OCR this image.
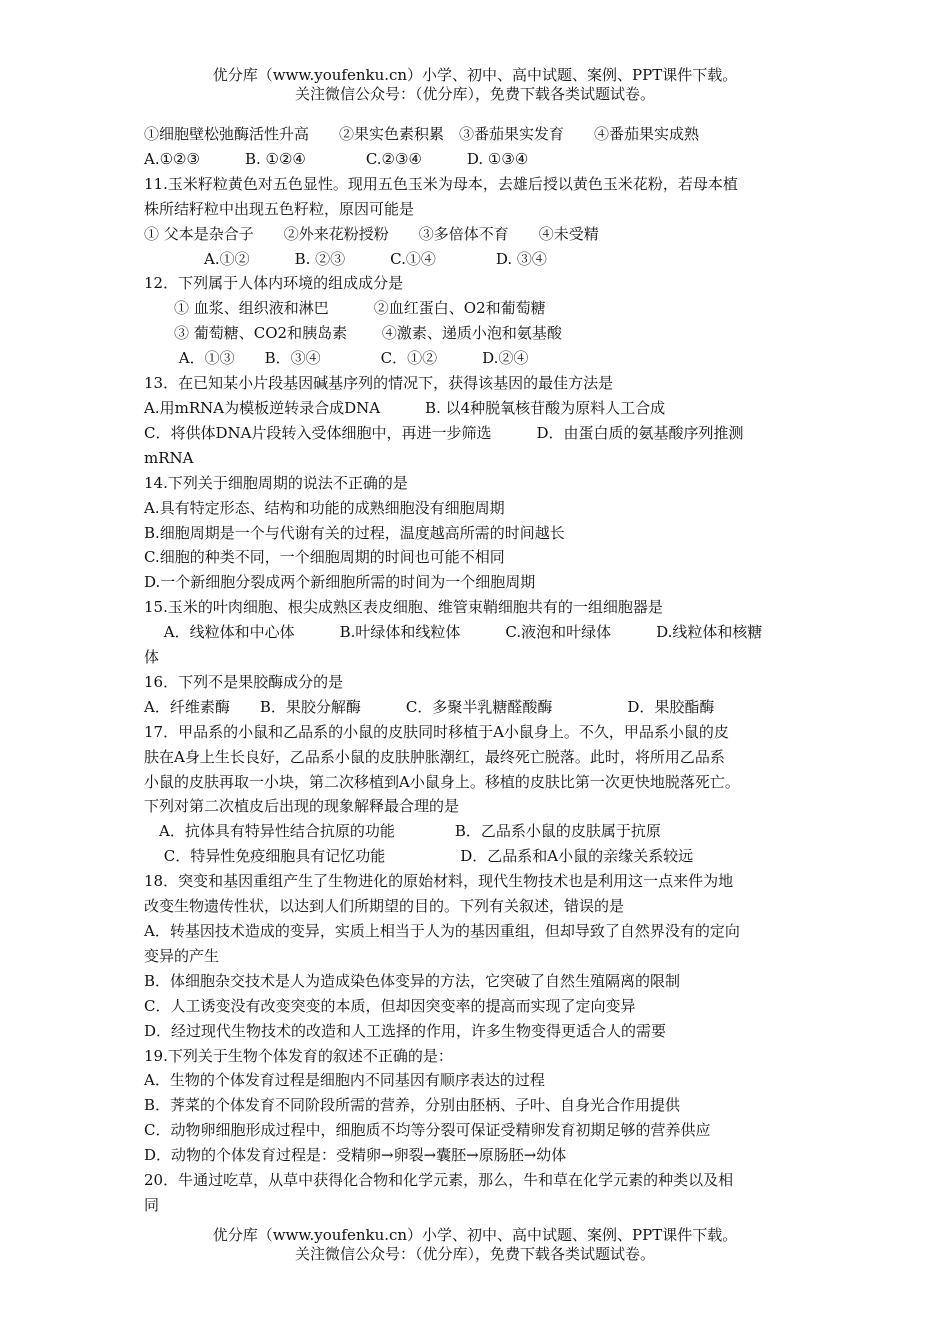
优分库（www.youfenku.cn）小学、初中、高中试题、案例、PPT课件下载。
关注微信公众号：（优分库），免费下载各类试题试卷。
①细胞壁松弛酶活性升高　　②果实色素积累　③番茄果实发育　　④番茄果实成熟
A.①②③　　　B. ①②④　　　　C.②③④　　　D. ①③④
11.玉米籽粒黄色对五色显性。现用五色玉米为母本，去雄后授以黄色玉米花粉，若母本植
株所结籽粒中出现五色籽粒，原因可能是
① 父本是杂合子　　②外来花粉授粉　　③多倍体不育　　④未受精
　　　　A.①②　　　B. ②③　　　C.①④　　　　D. ③④
12．下列属于人体内环境的组成成分是
　　① 血浆、组织液和淋巴　　　②血红蛋白、O2和葡萄糖
　　③ 葡萄糖、CO2和胰岛素　　 ④激素、递质小泡和氨基酸
　　 A．①③　　B．③④　　　　C．①②　　　D.②④
13．在已知某小片段基因碱基序列的情况下，获得该基因的最佳方法是
A.用mRNA为模板逆转录合成DNA　　　B. 以4种脱氧核苷酸为原料人工合成
C．将供体DNA片段转入受体细胞中，再进一步筛选　　　D．由蛋白质的氨基酸序列推测
mRNA
14.下列关于细胞周期的说法不正确的是
A.具有特定形态、结构和功能的成熟细胞没有细胞周期
B.细胞周期是一个与代谢有关的过程，温度越高所需的时间越长
C.细胞的种类不同，一个细胞周期的时间也可能不相同
D.一个新细胞分裂成两个新细胞所需的时间为一个细胞周期
15.玉米的叶肉细胞、根尖成熟区表皮细胞、维管束鞘细胞共有的一组细胞器是
　 A．线粒体和中心体　　　B.叶绿体和线粒体　　　C.液泡和叶绿体　　　D.线粒体和核糖
体
16．下列不是果胶酶成分的是
A．纤维素酶　　B．果胶分解酶　　　C．多聚半乳糖醛酸酶　　　　　D．果胶酯酶
17．甲品系的小鼠和乙品系的小鼠的皮肤同时移植于A小鼠身上。不久，甲品系小鼠的皮
肤在A身上生长良好，乙品系小鼠的皮肤肿胀潮红，最终死亡脱落。此时，将所用乙品系
小鼠的皮肤再取一小块，第二次移植到A小鼠身上。移植的皮肤比第一次更快地脱落死亡。
下列对第二次植皮后出现的现象解释最合理的是
　A．抗体具有特异性结合抗原的功能　　　　B．乙品系小鼠的皮肤属于抗原
　 C．特异性免疫细胞具有记忆功能　　　　　D．乙品系和A小鼠的亲缘关系较远
18．突变和基因重组产生了生物进化的原始材料，现代生物技术也是利用这一点来件为地
改变生物遗传性状，以达到人们所期望的目的。下列有关叙述，错误的是
A．转基因技术造成的变异，实质上相当于人为的基因重组，但却导致了自然界没有的定向
变异的产生
B．体细胞杂交技术是人为造成染色体变异的方法，它突破了自然生殖隔离的限制
C．人工诱变没有改变突变的本质，但却因突变率的提高而实现了定向变异
D．经过现代生物技术的改造和人工选择的作用，许多生物变得更适合人的需要
19.下列关于生物个体发育的叙述不正确的是：
A．生物的个体发育过程是细胞内不同基因有顺序表达的过程
B．荠菜的个体发育不同阶段所需的营养，分别由胚柄、子叶、自身光合作用提供
C．动物卵细胞形成过程中，细胞质不均等分裂可保证受精卵发育初期足够的营养供应
D．动物的个体发育过程是：受精卵→卵裂→囊胚→原肠胚→幼体
20．牛通过吃草，从草中获得化合物和化学元素，那么，牛和草在化学元素的种类以及相
同
优分库（www.youfenku.cn）小学、初中、高中试题、案例、PPT课件下载。
关注微信公众号：（优分库），免费下载各类试题试卷。
